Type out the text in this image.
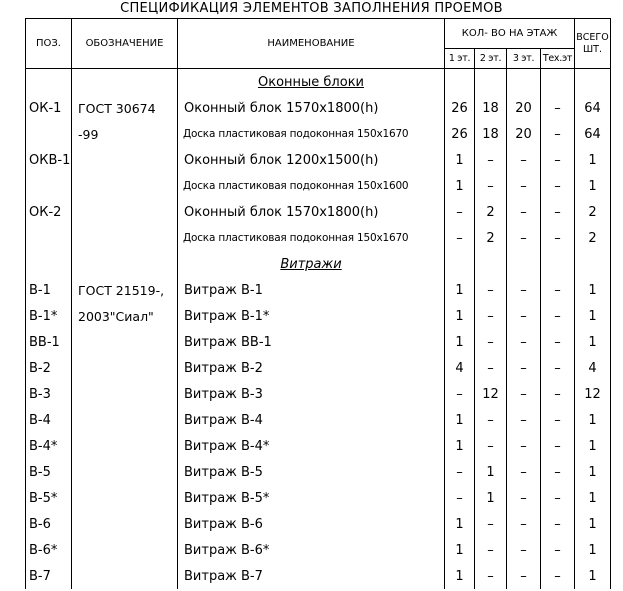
СПЕЦИФИКАЦИЯ ЭЛЕМЕНТОВ ЗАПОЛНЕНИЯ ПРОЕМОВ
ПОЗ.	ОБОЗНАЧЕНИЕ	НАИМЕНОВАНИЕ	КОЛ- ВО НА ЭТАЖ				ВСЕГО
ШТ.
			1 эт.	2 эт.	3 эт.	Тех.эт	
		Оконные блоки					
ОК-1	ГОСТ 30674	Оконный блок 1570х1800(h)	26	18	20	–	64
	-99	Доска пластиковая подоконная 150х1670	26	18	20	–	64
ОКВ-1		Оконный блок 1200х1500(h)	1	–	–	–	1
		Доска пластиковая подоконная 150х1600	1	–	–	–	1
ОК-2		Оконный блок 1570х1800(h)	–	2	–	–	2
		Доска пластиковая подоконная 150х1670	–	2	–	–	2
		Витражи					
В-1	ГОСТ 21519-,	Витраж В-1	1	–	–	–	1
В-1*	2003"Сиал"	Витраж В-1*	1	–	–	–	1
ВВ-1		Витраж ВВ-1	1	–	–	–	1
В-2		Витраж В-2	4	–	–	–	4
В-3		Витраж В-3	–	12	–	–	12
В-4		Витраж В-4	1	–	–	–	1
В-4*		Витраж В-4*	1	–	–	–	1
В-5		Витраж В-5	–	1	–	–	1
В-5*		Витраж В-5*	–	1	–	–	1
В-6		Витраж В-6	1	–	–	–	1
В-6*		Витраж В-6*	1	–	–	–	1
В-7		Витраж В-7	1	–	–	–	1
